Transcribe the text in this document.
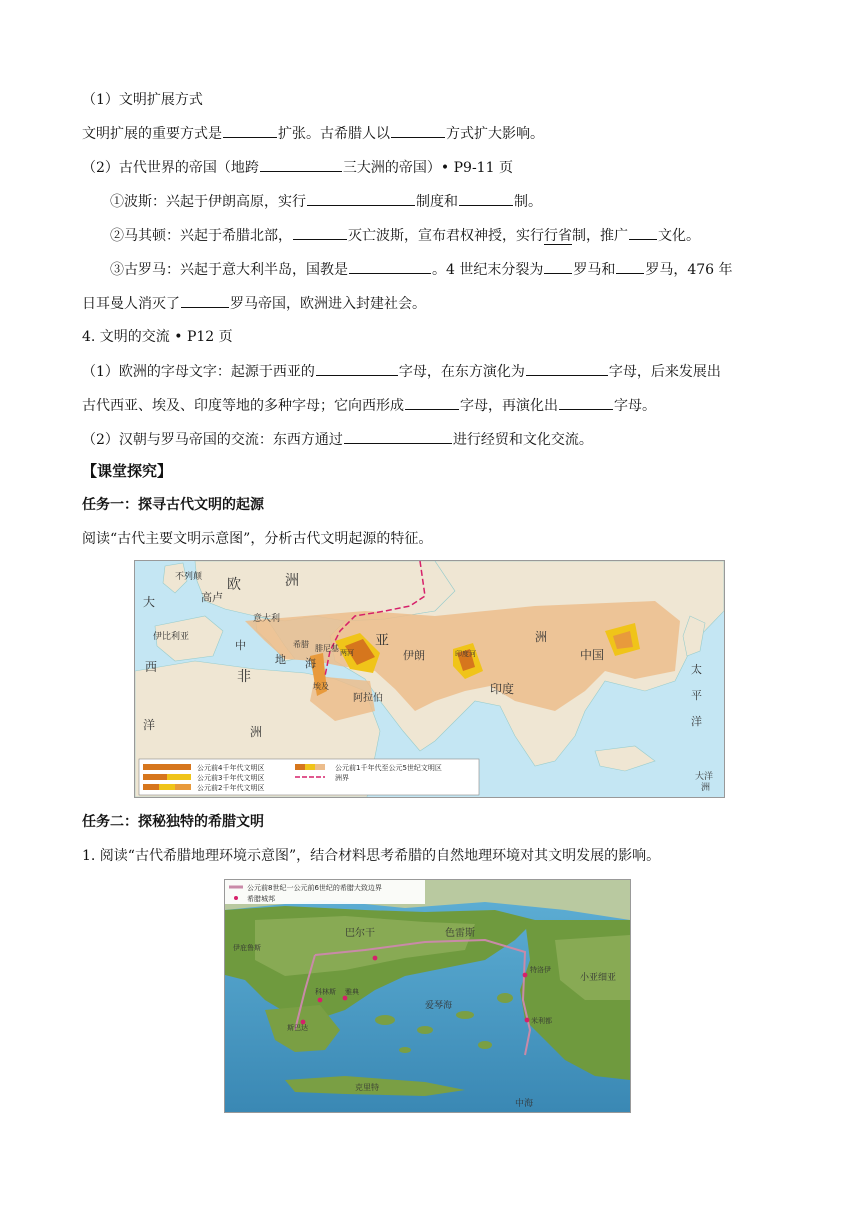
（1）文明扩展方式
文明扩展的重要方式是	扩张。古希腊人以	方式扩大影响。
（2）古代世界的帝国（地跨	三大洲的帝国）• P9-11 页
①波斯：兴起于伊朗高原，实行	制度和	制。
②马其顿：兴起于希腊北部，	灭亡波斯，宣布君权神授，实行行省制，推广 文化。
③古罗马：兴起于意大利半岛，国教是	。4 世纪末分裂为 罗马和 罗马，476 年
日耳曼人消灭了	罗马帝国，欧洲进入封建社会。
4. 文明的交流 • P12 页
（1）欧洲的字母文字：起源于西亚的	字母，在东方演化为	字母，后来发展出
古代西亚、埃及、印度等地的多种字母；它向西形成	字母，再演化出	字母。
（2）汉朝与罗马帝国的交流：东西方通过	进行经贸和文化交流。
【课堂探究】
任务一：探寻古代文明的起源
阅读“古代主要文明示意图”，分析古代文明起源的特征。
不列颠 欧
高卢
洲
大
伊比利亚
意大利
中
地 海
西
希腊 腓尼基	亚
伊朗
两河	印度河
埃及
阿拉伯
非
洲
洋
印度
洲
中国
太
平
洋
大洋
洲
公元前4千年代文明区
公元前3千年代文明区
公元前2千年代文明区
公元前1千年代至公元5世纪文明区
洲界
任务二：探秘独特的希腊文明
1. 阅读“古代希腊地理环境示意图”，结合材料思考希腊的自然地理环境对其文明发展的影响。
巴尔干	色雷斯
伊庇鲁斯
雅典
科林斯
斯巴达
特洛伊
米利都
爱琴海
克里特
小亚细亚
中海
公元前8世纪一公元前6世纪的希腊大致边界
希腊城邦
